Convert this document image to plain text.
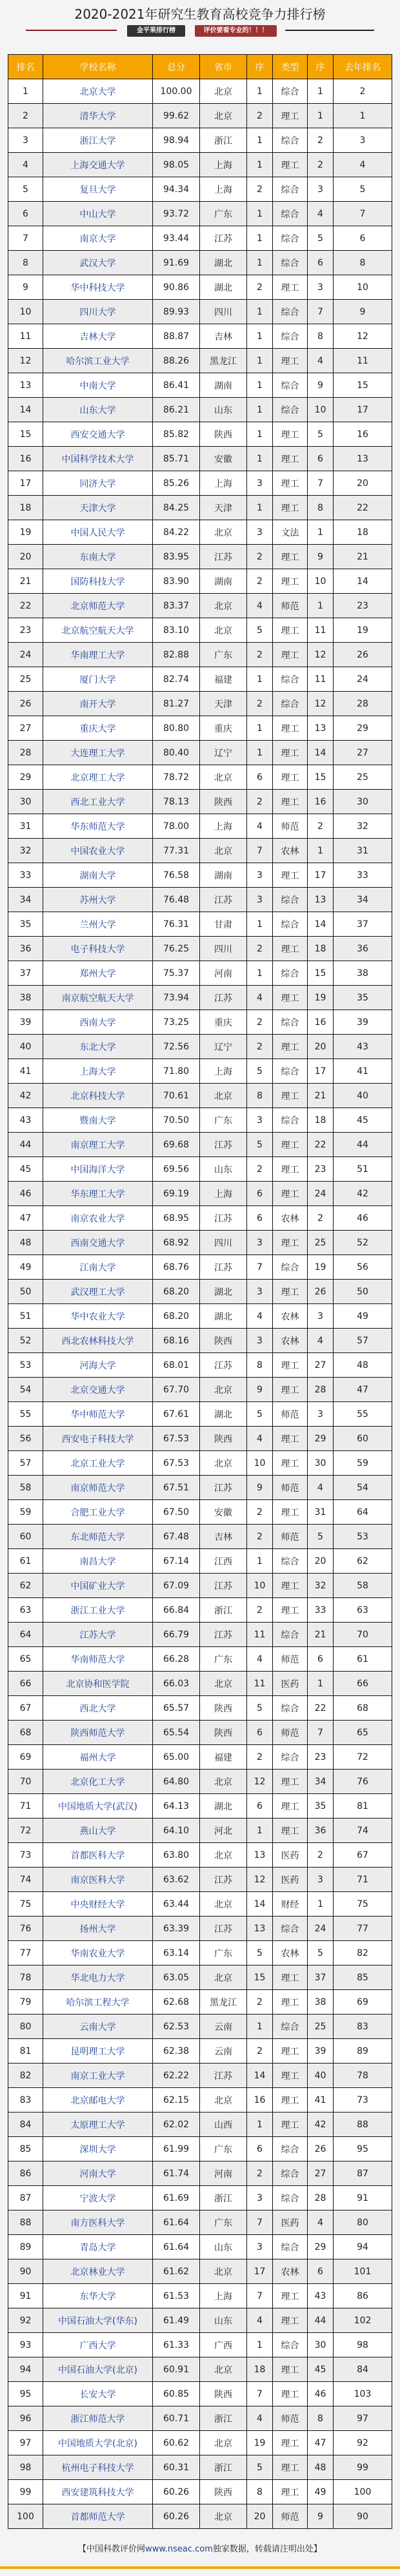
2020-2021年研究生教育高校竞争力排行榜
金平果排行榜	评价要看专业的！！！
排名	学校名称	总分	省市	序	类型	序	去年排名
1	北京大学	100.00	北京	1	综合	1	2
2	清华大学	99.62	北京	2	理工	1	1
3	浙江大学	98.94	浙江	1	综合	2	3
4	上海交通大学	98.05	上海	1	理工	2	4
5	复旦大学	94.34	上海	2	综合	3	5
6	中山大学	93.72	广东	1	综合	4	7
7	南京大学	93.44	江苏	1	综合	5	6
8	武汉大学	91.69	湖北	1	综合	6	8
9	华中科技大学	90.86	湖北	2	理工	3	10
10	四川大学	89.93	四川	1	综合	7	9
11	吉林大学	88.87	吉林	1	综合	8	12
12	哈尔滨工业大学	88.26	黑龙江	1	理工	4	11
13	中南大学	86.41	湖南	1	综合	9	15
14	山东大学	86.21	山东	1	综合	10	17
15	西安交通大学	85.82	陕西	1	理工	5	16
16	中国科学技术大学	85.71	安徽	1	理工	6	13
17	同济大学	85.26	上海	3	理工	7	20
18	天津大学	84.25	天津	1	理工	8	22
19	中国人民大学	84.22	北京	3	文法	1	18
20	东南大学	83.95	江苏	2	理工	9	21
21	国防科技大学	83.90	湖南	2	理工	10	14
22	北京师范大学	83.37	北京	4	师范	1	23
23	北京航空航天大学	83.10	北京	5	理工	11	19
24	华南理工大学	82.88	广东	2	理工	12	26
25	厦门大学	82.74	福建	1	综合	11	24
26	南开大学	81.27	天津	2	综合	12	28
27	重庆大学	80.80	重庆	1	理工	13	29
28	大连理工大学	80.40	辽宁	1	理工	14	27
29	北京理工大学	78.72	北京	6	理工	15	25
30	西北工业大学	78.13	陕西	2	理工	16	30
31	华东师范大学	78.00	上海	4	师范	2	32
32	中国农业大学	77.31	北京	7	农林	1	31
33	湖南大学	76.58	湖南	3	理工	17	33
34	苏州大学	76.48	江苏	3	综合	13	34
35	兰州大学	76.31	甘肃	1	综合	14	37
36	电子科技大学	76.25	四川	2	理工	18	36
37	郑州大学	75.37	河南	1	综合	15	38
38	南京航空航天大学	73.94	江苏	4	理工	19	35
39	西南大学	73.25	重庆	2	综合	16	39
40	东北大学	72.56	辽宁	2	理工	20	43
41	上海大学	71.80	上海	5	综合	17	41
42	北京科技大学	70.61	北京	8	理工	21	40
43	暨南大学	70.50	广东	3	综合	18	45
44	南京理工大学	69.68	江苏	5	理工	22	44
45	中国海洋大学	69.56	山东	2	理工	23	51
46	华东理工大学	69.19	上海	6	理工	24	42
47	南京农业大学	68.95	江苏	6	农林	2	46
48	西南交通大学	68.92	四川	3	理工	25	52
49	江南大学	68.76	江苏	7	综合	19	56
50	武汉理工大学	68.20	湖北	3	理工	26	50
51	华中农业大学	68.20	湖北	4	农林	3	49
52	西北农林科技大学	68.16	陕西	3	农林	4	57
53	河海大学	68.01	江苏	8	理工	27	48
54	北京交通大学	67.70	北京	9	理工	28	47
55	华中师范大学	67.61	湖北	5	师范	3	55
56	西安电子科技大学	67.53	陕西	4	理工	29	60
57	北京工业大学	67.53	北京	10	理工	30	59
58	南京师范大学	67.51	江苏	9	师范	4	54
59	合肥工业大学	67.50	安徽	2	理工	31	64
60	东北师范大学	67.48	吉林	2	师范	5	53
61	南昌大学	67.14	江西	1	综合	20	62
62	中国矿业大学	67.09	江苏	10	理工	32	58
63	浙江工业大学	66.84	浙江	2	理工	33	63
64	江苏大学	66.79	江苏	11	综合	21	70
65	华南师范大学	66.28	广东	4	师范	6	61
66	北京协和医学院	66.03	北京	11	医药	1	66
67	西北大学	65.57	陕西	5	综合	22	68
68	陕西师范大学	65.54	陕西	6	师范	7	65
69	福州大学	65.00	福建	2	综合	23	72
70	北京化工大学	64.80	北京	12	理工	34	76
71	中国地质大学(武汉)	64.13	湖北	6	理工	35	81
72	燕山大学	64.10	河北	1	理工	36	74
73	首都医科大学	63.80	北京	13	医药	2	67
74	南京医科大学	63.62	江苏	12	医药	3	71
75	中央财经大学	63.44	北京	14	财经	1	75
76	扬州大学	63.39	江苏	13	综合	24	77
77	华南农业大学	63.14	广东	5	农林	5	82
78	华北电力大学	63.05	北京	15	理工	37	85
79	哈尔滨工程大学	62.68	黑龙江	2	理工	38	69
80	云南大学	62.53	云南	1	综合	25	83
81	昆明理工大学	62.38	云南	2	理工	39	89
82	南京工业大学	62.22	江苏	14	理工	40	78
83	北京邮电大学	62.15	北京	16	理工	41	73
84	太原理工大学	62.02	山西	1	理工	42	88
85	深圳大学	61.99	广东	6	综合	26	95
86	河南大学	61.74	河南	2	综合	27	87
87	宁波大学	61.69	浙江	3	综合	28	91
88	南方医科大学	61.64	广东	7	医药	4	80
89	青岛大学	61.64	山东	3	综合	29	94
90	北京林业大学	61.62	北京	17	农林	6	101
91	东华大学	61.53	上海	7	理工	43	86
92	中国石油大学(华东)	61.49	山东	4	理工	44	102
93	广西大学	61.33	广西	1	综合	30	98
94	中国石油大学(北京)	60.91	北京	18	理工	45	84
95	长安大学	60.85	陕西	7	理工	46	103
96	浙江师范大学	60.71	浙江	4	师范	8	97
97	中国地质大学(北京)	60.62	北京	19	理工	47	92
98	杭州电子科技大学	60.31	浙江	5	理工	48	99
99	西安建筑科技大学	60.26	陕西	8	理工	49	100
100	首都师范大学	60.26	北京	20	师范	9	90
【中国科教评价网www.nseac.com独家数据，转载请注明出处】
